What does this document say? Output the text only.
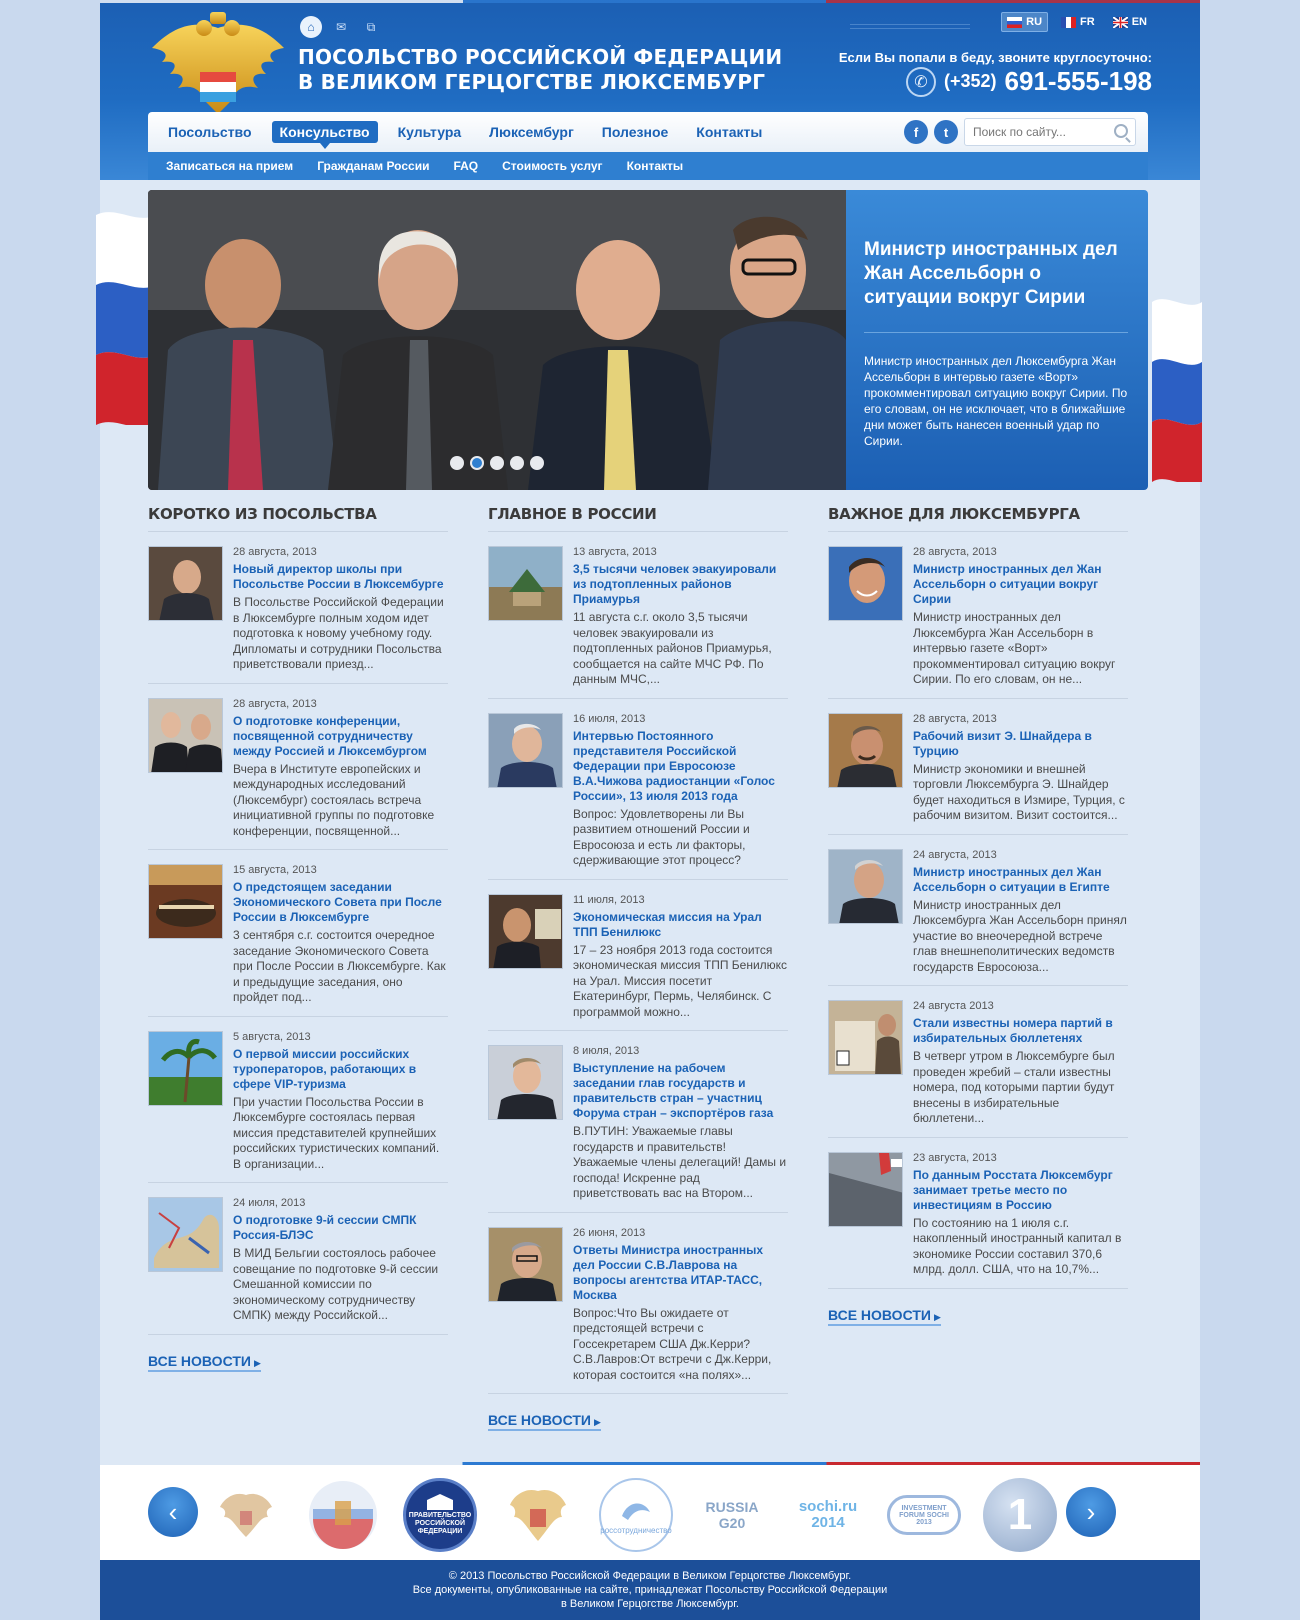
⌂	✉	⧉
ПОСОЛЬСТВО РОССИЙСКОЙ ФЕДЕРАЦИИ
В ВЕЛИКОМ ГЕРЦОГСТВЕ ЛЮКСЕМБУРГ
RU	FR	EN
Если Вы попали в беду, звоните круглосуточно:
✆ (+352) 691-555-198
Посольство	Консульство	Культура	Люксембург	Полезное	Контакты	f	t
Поиск по сайту...
Записаться на прием Гражданам России FAQ Стоимость услуг Контакты
Министр иностранных дел Жан Ассельборн о ситуации вокруг Сирии

Министр иностранных дел Люксембурга Жан Ассельборн в интервью газете «Ворт» прокомментировал ситуацию вокруг Сирии. По его словам, он не исключает, что в ближайшие дни может быть нанесен военный удар по Сирии.

КОРОТКО ИЗ ПОСОЛЬСТВА
28 августа, 2013
Новый директор школы при Посольстве России в Люксембурге
В Посольстве Российской Федерации в Люксембурге полным ходом идет подготовка к новому учебному году. Дипломаты и сотрудники Посольства приветствовали приезд...
28 августа, 2013
О подготовке конференции, посвященной сотрудничеству между Россией и Люксембургом
Вчера в Институте европейских и международных исследований (Люксембург) состоялась встреча инициативной группы по подготовке конференции, посвященной...
15 августа, 2013
О предстоящем заседании Экономического Совета при После России в Люксембурге
3 сентября с.г. состоится очередное заседание Экономического Совета при После России в Люксембурге. Как и предыдущие заседания, оно пройдет под...
5 августа, 2013
О первой миссии российских туроператоров, работающих в сфере VIP-туризма
При участии Посольства России в Люксембурге состоялась первая миссия представителей крупнейших российских туристических компаний. В организации...
24 июля, 2013
О подготовке 9-й сессии СМПК Россия-БЛЭС
В МИД Бельгии состоялось рабочее совещание по подготовке 9-й сессии Смешанной комиссии по экономическому сотрудничеству СМПК) между Российской...
ВСЕ НОВОСТИ ▶
ГЛАВНОЕ В РОССИИ
13 августа, 2013
3,5 тысячи человек эвакуировали из подтопленных районов Приамурья
11 августа с.г. около 3,5 тысячи человек эвакуировали из подтопленных районов Приамурья, сообщается на сайте МЧС РФ. По данным МЧС,...
16 июля, 2013
Интервью Постоянного представителя Российской Федерации при Евросоюзе В.А.Чижова радиостанции «Голос России», 13 июля 2013 года
Вопрос: Удовлетворены ли Вы развитием отношений России и Евросоюза и есть ли факторы, сдерживающие этот процесс?
11 июля, 2013
Экономическая миссия на Урал ТПП Бенилюкс
17 – 23 ноября 2013 года состоится экономическая миссия ТПП Бенилюкс на Урал. Миссия посетит Екатеринбург, Пермь, Челябинск. С программой можно...
8 июля, 2013
Выступление на рабочем заседании глав государств и правительств стран – участниц Форума стран – экспортёров газа
В.ПУТИН: Уважаемые главы государств и правительств! Уважаемые члены делегаций! Дамы и господа! Искренне рад приветствовать вас на Втором...
26 июня, 2013
Ответы Министра иностранных дел России С.В.Лаврова на вопросы агентства ИТАР-ТАСС, Москва
Вопрос:Что Вы ожидаете от предстоящей встречи с Госсекретарем США Дж.Керри? С.В.Лавров:От встречи с Дж.Керри, которая состоится «на полях»...
ВСЕ НОВОСТИ ▶
ВАЖНОЕ ДЛЯ ЛЮКСЕМБУРГА
28 августа, 2013
Министр иностранных дел Жан Ассельборн о ситуации вокруг Сирии
Министр иностранных дел Люксембурга Жан Ассельборн в интервью газете «Ворт» прокомментировал ситуацию вокруг Сирии. По его словам, он не...
28 августа, 2013
Рабочий визит Э. Шнайдера в Турцию
Министр экономики и внешней торговли Люксембурга Э. Шнайдер будет находиться в Измире, Турция, с рабочим визитом. Визит состоится...
24 августа, 2013
Министр иностранных дел Жан Ассельборн о ситуации в Египте
Министр иностранных дел Люксембурга Жан Ассельборн принял участие во внеочередной встрече глав внешнеполитических ведомств государств Евросоюза...
24 августа 2013
Стали известны номера партий в избирательных бюллетенях
В четверг утром в Люксембурге был проведен жребий – стали известны номера, под которыми партии будут внесены в избирательные бюллетени...
23 августа, 2013
По данным Росстата Люксембург занимает третье место по инвестициям в Россию
По состоянию на 1 июля с.г. накопленный иностранный капитал в экономике России составил 370,6 млрд. долл. США, что на 10,7%...
ВСЕ НОВОСТИ ▶
‹	ПРАВИТЕЛЬСТВО РОССИЙСКОЙ ФЕДЕРАЦИИ	россотрудничество
RUSSIA G20
sochi.ru 2014
INVESTMENT FORUM SOCHI 2013	1 ›
© 2013 Посольство Российской Федерации в Великом Герцогстве Люксембург.
Все документы, опубликованные на сайте, принадлежат Посольству Российской Федерации
в Великом Герцогстве Люксембург.
